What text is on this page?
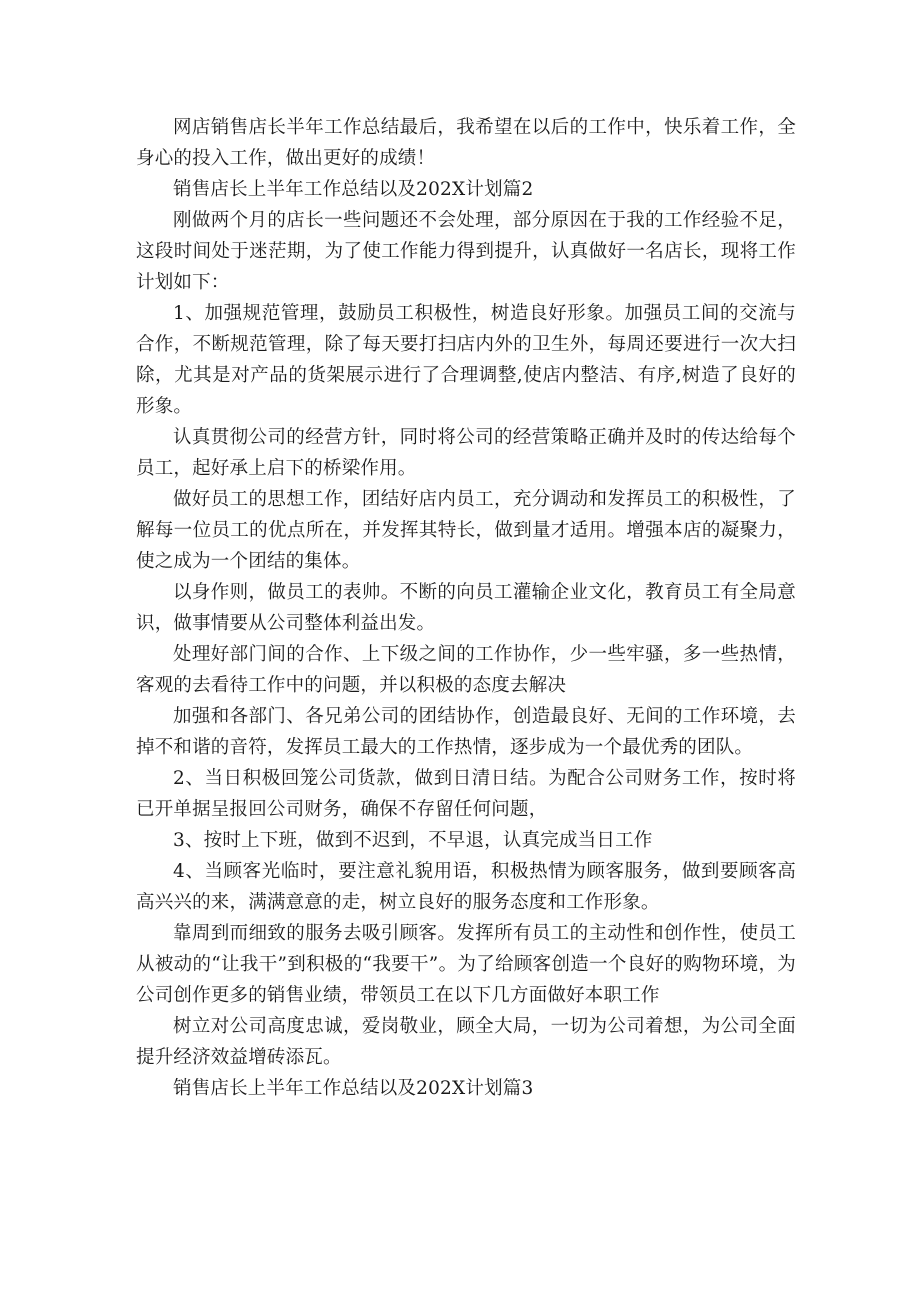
网店销售店长半年工作总结最后，我希望在以后的工作中，快乐着工作，全身心的投入工作，做出更好的成绩！

销售店长上半年工作总结以及202X计划篇2

刚做两个月的店长一些问题还不会处理，部分原因在于我的工作经验不足，这段时间处于迷茫期，为了使工作能力得到提升，认真做好一名店长，现将工作计划如下：

1、加强规范管理，鼓励员工积极性，树造良好形象。加强员工间的交流与合作，不断规范管理，除了每天要打扫店内外的卫生外，每周还要进行一次大扫除，尤其是对产品的货架展示进行了合理调整,使店内整洁、有序,树造了良好的形象。

认真贯彻公司的经营方针，同时将公司的经营策略正确并及时的传达给每个员工，起好承上启下的桥梁作用。

做好员工的思想工作，团结好店内员工，充分调动和发挥员工的积极性，了解每一位员工的优点所在，并发挥其特长，做到量才适用。增强本店的凝聚力，使之成为一个团结的集体。

以身作则，做员工的表帅。不断的向员工灌输企业文化，教育员工有全局意识，做事情要从公司整体利益出发。

处理好部门间的合作、上下级之间的工作协作，少一些牢骚，多一些热情，客观的去看待工作中的问题，并以积极的态度去解决

加强和各部门、各兄弟公司的团结协作，创造最良好、无间的工作环境，去掉不和谐的音符，发挥员工最大的工作热情，逐步成为一个最优秀的团队。

2、当日积极回笼公司货款，做到日清日结。为配合公司财务工作，按时将已开单据呈报回公司财务，确保不存留任何问题，

3、按时上下班，做到不迟到，不早退，认真完成当日工作

4、当顾客光临时，要注意礼貌用语，积极热情为顾客服务，做到要顾客高高兴兴的来，满满意意的走，树立良好的服务态度和工作形象。

靠周到而细致的服务去吸引顾客。发挥所有员工的主动性和创作性，使员工从被动的“让我干”到积极的“我要干”。为了给顾客创造一个良好的购物环境，为公司创作更多的销售业绩，带领员工在以下几方面做好本职工作

树立对公司高度忠诚，爱岗敬业，顾全大局，一切为公司着想，为公司全面提升经济效益增砖添瓦。

销售店长上半年工作总结以及202X计划篇3
